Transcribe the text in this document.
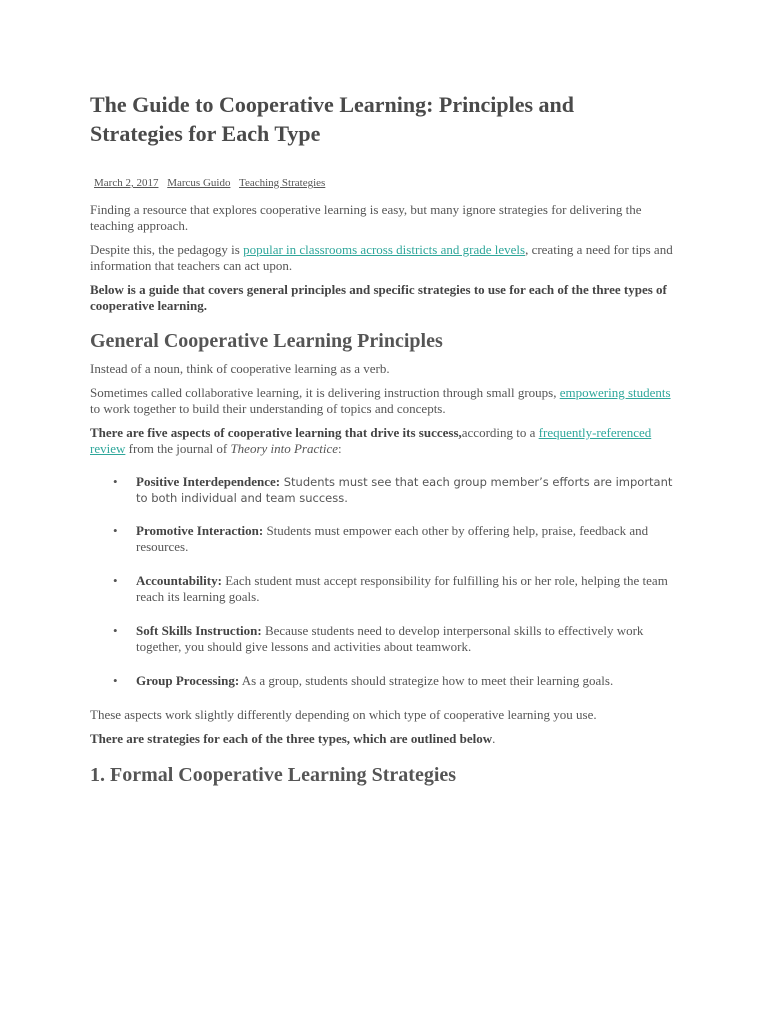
The Guide to Cooperative Learning: Principles and Strategies for Each Type
March 2, 2017 Marcus Guido Teaching Strategies

Finding a resource that explores cooperative learning is easy, but many ignore strategies for delivering the teaching approach.

Despite this, the pedagogy is popular in classrooms across districts and grade levels, creating a need for tips and information that teachers can act upon.

Below is a guide that covers general principles and specific strategies to use for each of the three types of cooperative learning.

General Cooperative Learning Principles

Instead of a noun, think of cooperative learning as a verb.

Sometimes called collaborative learning, it is delivering instruction through small groups, empowering students to work together to build their understanding of topics and concepts.

There are five aspects of cooperative learning that drive its success,according to a frequently-referenced review from the journal of Theory into Practice:

• Positive Interdependence: Students must see that each group member’s efforts are important to both individual and team success.
• Promotive Interaction: Students must empower each other by offering help, praise, feedback and resources.
• Accountability: Each student must accept responsibility for fulfilling his or her role, helping the team reach its learning goals.
• Soft Skills Instruction: Because students need to develop interpersonal skills to effectively work together, you should give lessons and activities about teamwork.
• Group Processing: As a group, students should strategize how to meet their learning goals.

These aspects work slightly differently depending on which type of cooperative learning you use.

There are strategies for each of the three types, which are outlined below.

1. Formal Cooperative Learning Strategies
